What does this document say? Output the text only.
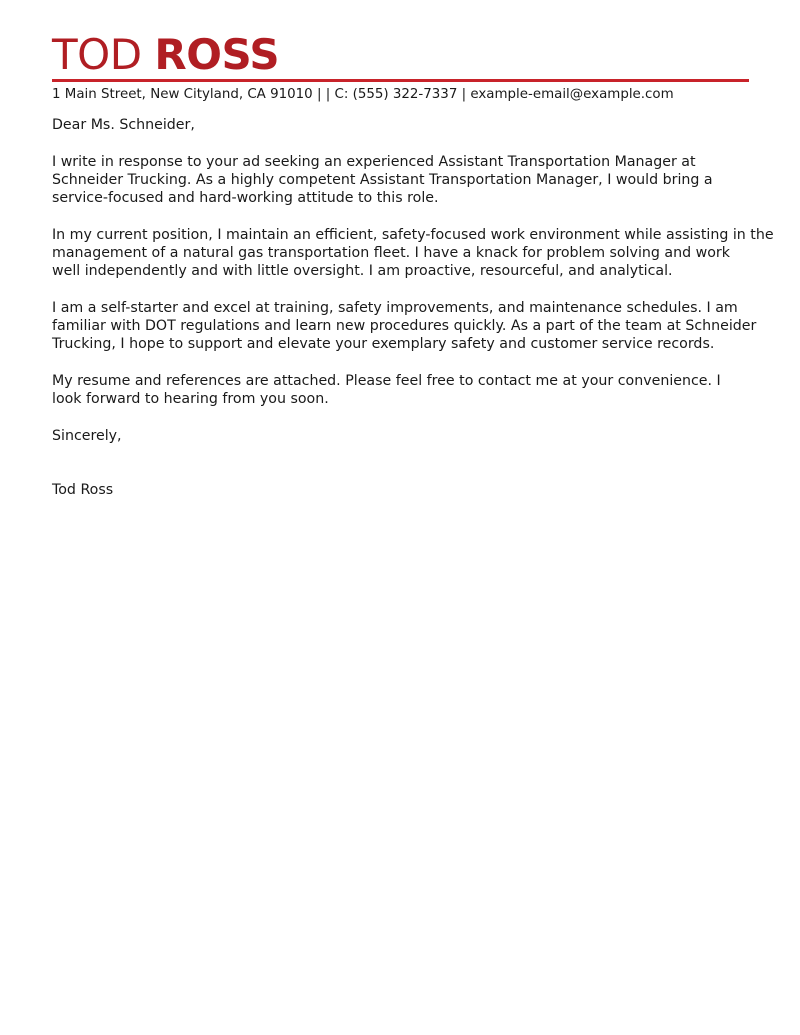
TOD ROSS
1 Main Street, New Cityland, CA 91010 | | C: (555) 322-7337 | example-email@example.com

Dear Ms. Schneider,

I write in response to your ad seeking an experienced Assistant Transportation Manager at
Schneider Trucking. As a highly competent Assistant Transportation Manager, I would bring a
service-focused and hard-working attitude to this role.

In my current position, I maintain an efficient, safety-focused work environment while assisting in the
management of a natural gas transportation fleet. I have a knack for problem solving and work
well independently and with little oversight. I am proactive, resourceful, and analytical.

I am a self-starter and excel at training, safety improvements, and maintenance schedules. I am
familiar with DOT regulations and learn new procedures quickly. As a part of the team at Schneider
Trucking, I hope to support and elevate your exemplary safety and customer service records.

My resume and references are attached. Please feel free to contact me at your convenience. I
look forward to hearing from you soon.

Sincerely,

Tod Ross
